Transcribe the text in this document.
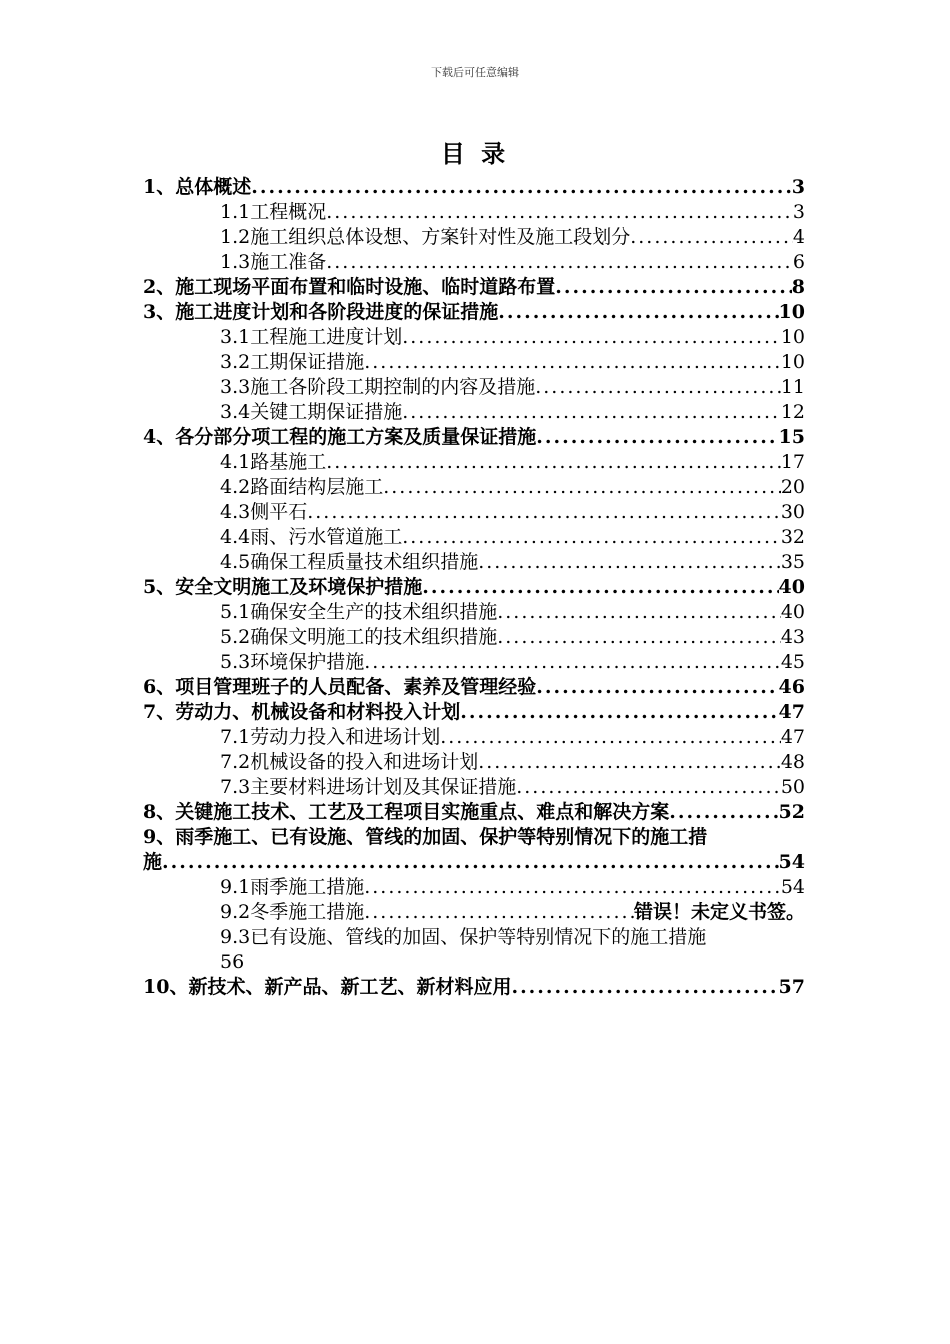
下载后可任意编辑
目 录
1、总体概述 .....	3
1.1工程概况 .....	3
1.2施工组织总体设想、方案针对性及施工段划分 .....	4
1.3施工准备 .....	6
2、施工现场平面布置和临时设施、临时道路布置 .....	8
3、施工进度计划和各阶段进度的保证措施 .....	10
3.1工程施工进度计划 .....	10
3.2工期保证措施 .....	10
3.3施工各阶段工期控制的内容及措施 .....	11
3.4关键工期保证措施 .....	12
4、各分部分项工程的施工方案及质量保证措施 .....	15
4.1路基施工 .....	17
4.2路面结构层施工 .....	20
4.3侧平石 .....	30
4.4雨、污水管道施工 .....	32
4.5确保工程质量技术组织措施 .....	35
5、安全文明施工及环境保护措施 .....	40
5.1确保安全生产的技术组织措施 .....	40
5.2确保文明施工的技术组织措施 .....	43
5.3环境保护措施 .....	45
6、项目管理班子的人员配备、素养及管理经验 .....	46
7、劳动力、机械设备和材料投入计划 .....	47
7.1劳动力投入和进场计划 .....	47
7.2机械设备的投入和进场计划 .....	48
7.3主要材料进场计划及其保证措施 .....	50
8、关键施工技术、工艺及工程项目实施重点、难点和解决方案 .....	52
9、雨季施工、已有设施、管线的加固、保护等特别情况下的施工措
施 .....	54
9.1雨季施工措施 .....	54
9.2冬季施工措施 .....	错误！未定义书签。
9.3已有设施、管线的加固、保护等特别情况下的施工措施
56
10、新技术、新产品、新工艺、新材料应用 .....	57
